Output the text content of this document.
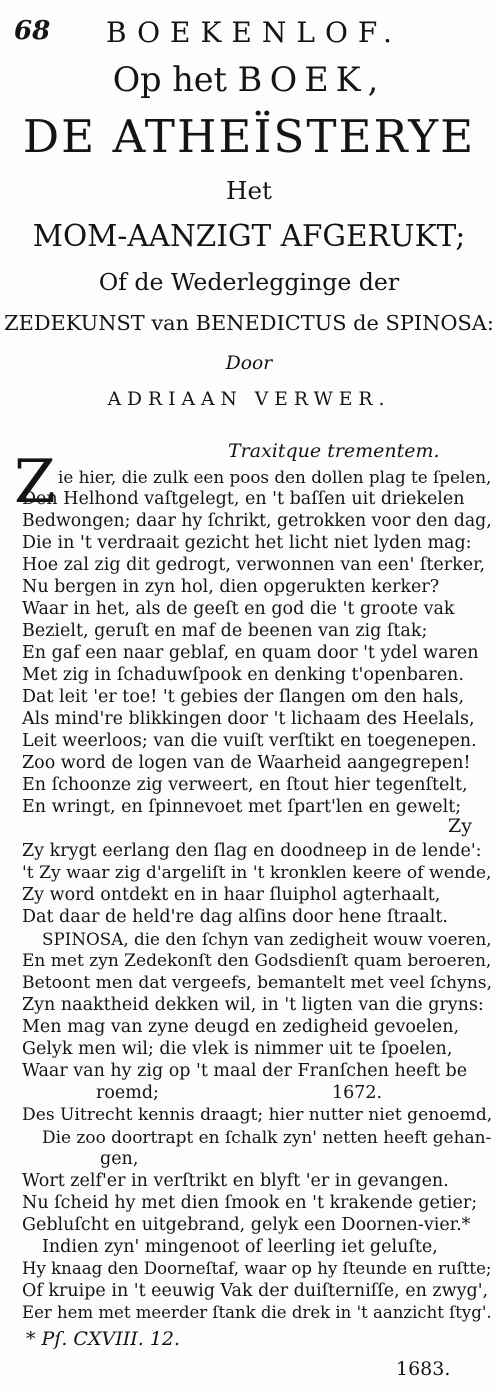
68 BOEKENLOF.
Op het BOEK,
DE ATHEÏSTERYE
Het
MOM-AANZIGT AFGERUKT;
Of de Wederlegginge der
ZEDEKUNST van BENEDICTUS de SPINOSA:
Door
ADRIAAN VERWER.
Traxitque trementem.
Z ie hier, die zulk een poos den dollen plag te ſpelen,
Den Helhond vaſtgelegt, en 't baſſen uit driekelen
Bedwongen; daar hy ſchrikt, getrokken voor den dag,
Die in 't verdraait gezicht het licht niet lyden mag:
Hoe zal zig dit gedrogt, verwonnen van een' ſterker,
Nu bergen in zyn hol, dien opgerukten kerker?
Waar in het, als de geeſt en god die 't groote vak
Bezielt, geruſt en maf de beenen van zig ſtak;
En gaf een naar geblaf, en quam door 't ydel waren
Met zig in ſchaduwſpook en denking t'openbaren.
Dat leit 'er toe! 't gebies der ſlangen om den hals,
Als mind're blikkingen door 't lichaam des Heelals,
Leit weerloos; van die vuiſt verſtikt en toegenepen.
Zoo word de logen van de Waarheid aangegrepen!
En ſchoonze zig verweert, en ſtout hier tegenſtelt,
En wringt, en ſpinnevoet met ſpart'len en gewelt;
Zy
Zy krygt eerlang den ſlag en doodneep in de lende':
't Zy waar zig d'argeliſt in 't kronklen keere of wende,
Zy word ontdekt en in haar ſluiphol agterhaalt,
Dat daar de held're dag alſins door hene ſtraalt.
SPINOSA, die den ſchyn van zedigheit wouw voeren,
En met zyn Zedekonſt den Godsdienſt quam beroeren,
Betoont men dat vergeefs, bemantelt met veel ſchyns,
Zyn naaktheid dekken wil, in 't ligten van die gryns:
Men mag van zyne deugd en zedigheid gevoelen,
Gelyk men wil; die vlek is nimmer uit te ſpoelen,
Waar van hy zig op 't maal der Franſchen heeft be
roemd;	1672.
Des Uitrecht kennis draagt; hier nutter niet genoemd,
Die zoo doortrapt en ſchalk zyn' netten heeft gehan-
gen,
Wort zelf'er in verſtrikt en blyft 'er in gevangen.
Nu ſcheid hy met dien ſmook en 't krakende getier;
Gebluſcht en uitgebrand, gelyk een Doornen-vier.*
Indien zyn' mingenoot of leerling iet geluſte,
Hy knaag den Doorneſtaf, waar op hy ſteunde en ruſtte;
Of kruipe in 't eeuwig Vak der duiſterniſſe, en zwyg',
Eer hem met meerder ſtank die drek in 't aanzicht ſtyg'.
* Pſ. CXVIII. 12.
1683.
